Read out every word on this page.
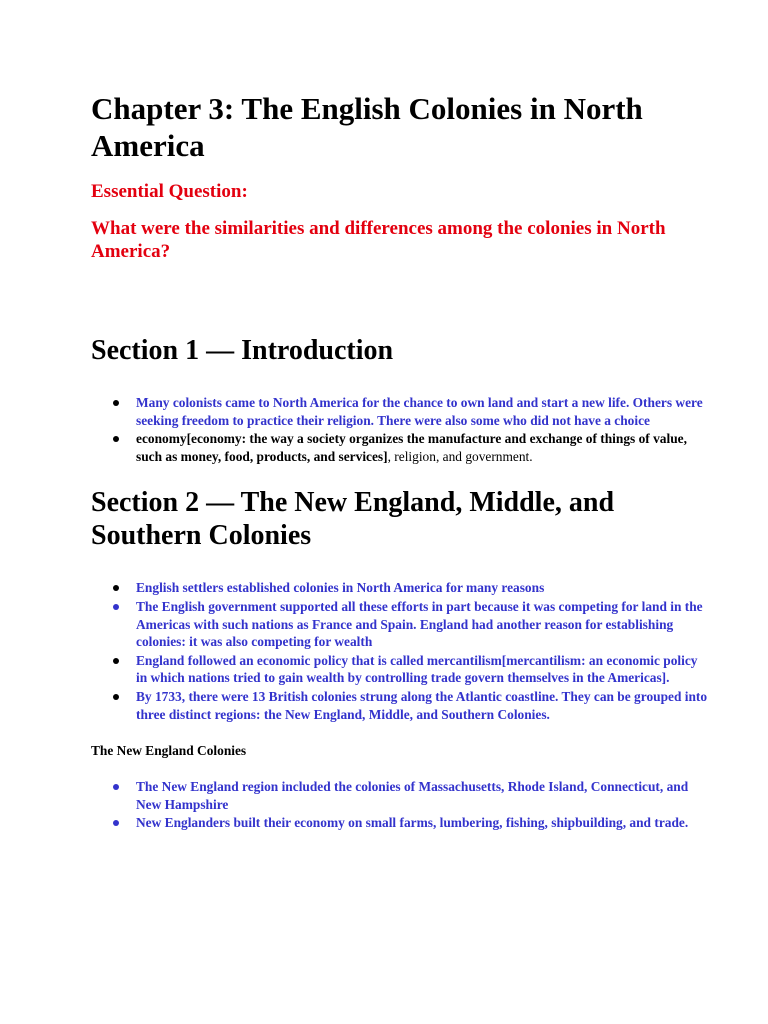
Chapter 3: The English Colonies in North America

Essential Question:

What were the similarities and differences among the colonies in North America?

Section 1 — Introduction
Many colonists came to North America for the chance to own land and start a new life. Others were seeking freedom to practice their religion. There were also some who did not have a choice
economy[economy: the way a society organizes the manufacture and exchange of things of value, such as money, food, products, and services], religion, and government.
Section 2 — The New England, Middle, and Southern Colonies
English settlers established colonies in North America for many reasons
The English government supported all these efforts in part because it was competing for land in the Americas with such nations as France and Spain. England had another reason for establishing colonies: it was also competing for wealth
England followed an economic policy that is called mercantilism[mercantilism: an economic policy in which nations tried to gain wealth by controlling trade govern themselves in the Americas].
By 1733, there were 13 British colonies strung along the Atlantic coastline. They can be grouped into three distinct regions: the New England, Middle, and Southern Colonies.

The New England Colonies

The New England region included the colonies of Massachusetts, Rhode Island, Connecticut, and New Hampshire
New Englanders built their economy on small farms, lumbering, fishing, shipbuilding, and trade.
